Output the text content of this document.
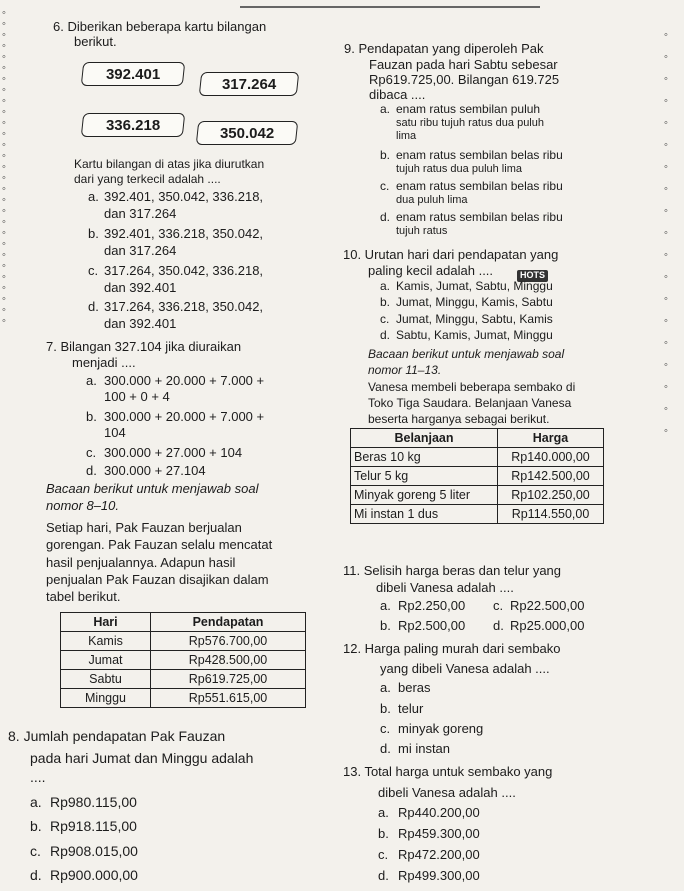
◦
◦
◦
◦
◦
◦
◦
◦
◦
◦
◦
◦
◦
◦
◦
◦
◦
◦
◦
◦
◦
◦
◦
◦
◦
◦
◦
◦
◦
◦

◦

◦

◦

◦

◦

◦

◦

◦

◦

◦

◦

◦

◦

◦

◦

◦

◦

◦
6. Diberikan beberapa kartu bilangan
berikut.
392.401
317.264
336.218	350.042
Kartu bilangan di atas jika diurutkan
dari yang terkecil adalah ....
a. 392.401, 350.042, 336.218,
dan 317.264
b. 392.401, 336.218, 350.042,
dan 317.264
c. 317.264, 350.042, 336.218,
dan 392.401
d. 317.264, 336.218, 350.042,
dan 392.401
7. Bilangan 327.104 jika diuraikan
menjadi ....
a. 300.000 + 20.000 + 7.000 +
100 + 0 + 4
b. 300.000 + 20.000 + 7.000 +
104
c. 300.000 + 27.000 + 104
d. 300.000 + 27.104
Bacaan berikut untuk menjawab soal
nomor 8–10.
Setiap hari, Pak Fauzan berjualan
gorengan. Pak Fauzan selalu mencatat
hasil penjualannya. Adapun hasil
penjualan Pak Fauzan disajikan dalam
tabel berikut.
Hari	Pendapatan
Kamis	Rp576.700,00
Jumat	Rp428.500,00
Sabtu	Rp619.725,00
Minggu	Rp551.615,00
8. Jumlah pendapatan Pak Fauzan
pada hari Jumat dan Minggu adalah
....
a. Rp980.115,00
b. Rp918.115,00
c. Rp908.015,00
d. Rp900.000,00
9. Pendapatan yang diperoleh Pak
Fauzan pada hari Sabtu sebesar
Rp619.725,00. Bilangan 619.725
dibaca ....
a. enam ratus sembilan puluh
satu ribu tujuh ratus dua puluh
lima
b. enam ratus sembilan belas ribu
tujuh ratus dua puluh lima
c. enam ratus sembilan belas ribu
dua puluh lima
d. enam ratus sembilan belas ribu
tujuh ratus
10. Urutan hari dari pendapatan yang
paling kecil adalah ....	HOTS
a. Kamis, Jumat, Sabtu, Minggu
b. Jumat, Minggu, Kamis, Sabtu
c. Jumat, Minggu, Sabtu, Kamis
d. Sabtu, Kamis, Jumat, Minggu
Bacaan berikut untuk menjawab soal
nomor 11–13.
Vanesa membeli beberapa sembako di
Toko Tiga Saudara. Belanjaan Vanesa
beserta harganya sebagai berikut.
Belanjaan	Harga
Beras 10 kg	Rp140.000,00
Telur 5 kg	Rp142.500,00
Minyak goreng 5 liter	Rp102.250,00
Mi instan 1 dus	Rp114.550,00
11. Selisih harga beras dan telur yang
dibeli Vanesa adalah ....
a. Rp2.250,00 c. Rp22.500,00
b. Rp2.500,00 d. Rp25.000,00
12. Harga paling murah dari sembako
yang dibeli Vanesa adalah ....
a. beras
b. telur
c. minyak goreng
d. mi instan
13. Total harga untuk sembako yang
dibeli Vanesa adalah ....
a. Rp440.200,00
b. Rp459.300,00
c. Rp472.200,00
d. Rp499.300,00
